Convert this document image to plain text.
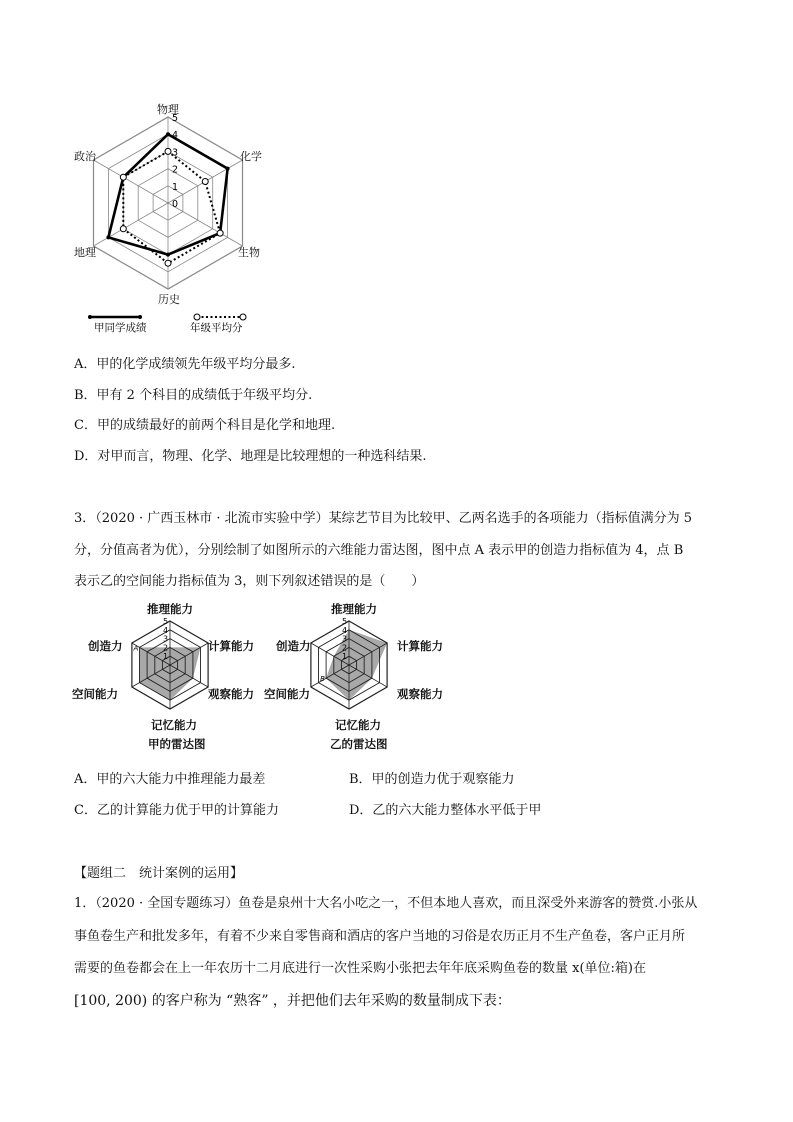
0
1
2
3
4
5
甲同学成绩	年级平均分
物理
化学
生物
历史
地理
政治
A．甲的化学成绩领先年级平均分最多.
B．甲有 2 个科目的成绩低于年级平均分.
C．甲的成绩最好的前两个科目是化学和地理.
D．对甲而言，物理、化学、地理是比较理想的一种选科结果.
3．（2020 · 广西玉林市 · 北流市实验中学）某综艺节目为比较甲、乙两名选手的各项能力（指标值满分为 5
分，分值高者为优），分别绘制了如图所示的六维能力雷达图，图中点 A 表示甲的创造力指标值为 4，点 B
表示乙的空间能力指标值为 3，则下列叙述错误的是（　　）
1
2
3
4
5
A
1
2
3
4
5
B
推理能力
计算能力
观察能力
记忆能力
空间能力
创造力
甲的雷达图
推理能力
计算能力
观察能力
记忆能力
空间能力
创造力
乙的雷达图
A．甲的六大能力中推理能力最差	B．甲的创造力优于观察能力
C．乙的计算能力优于甲的计算能力	D．乙的六大能力整体水平低于甲
【题组二　统计案例的运用】
1．（2020 · 全国专题练习）鱼卷是泉州十大名小吃之一，不但本地人喜欢，而且深受外来游客的赞赏.小张从
事鱼卷生产和批发多年，有着不少来自零售商和酒店的客户当地的习俗是农历正月不生产鱼卷，客户正月所
需要的鱼卷都会在上一年农历十二月底进行一次性采购小张把去年年底采购鱼卷的数量 x(单位:箱)在
[100, 200) 的客户称为 “熟客” ，并把他们去年采购的数量制成下表：
